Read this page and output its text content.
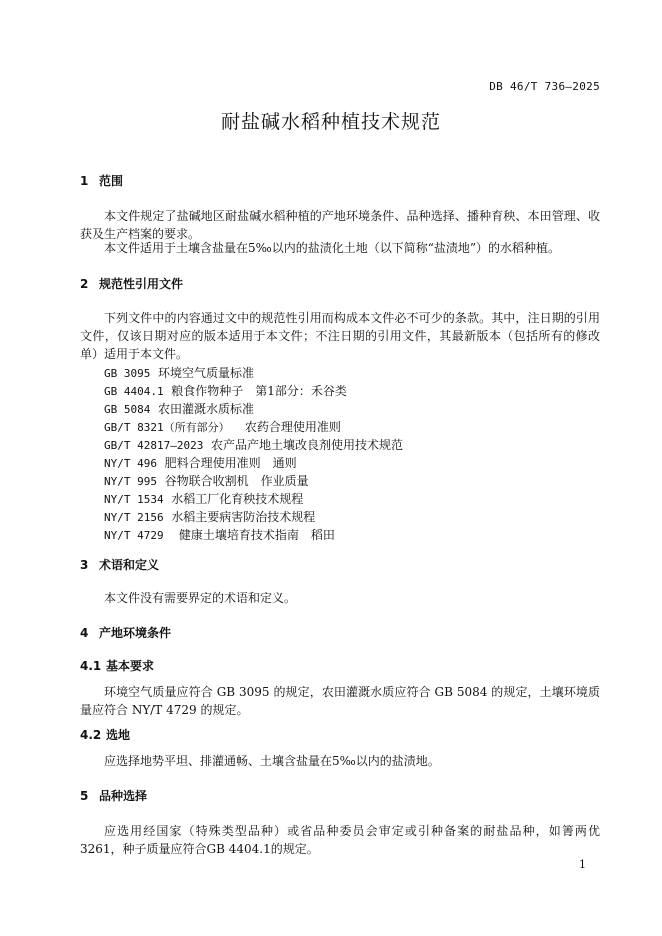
DB 46/T 736—2025
耐盐碱水稻种植技术规范
1 范围
本文件规定了盐碱地区耐盐碱水稻种植的产地环境条件、品种选择、播种育秧、本田管理、收获及生产档案的要求。
本文件适用于土壤含盐量在5‰以内的盐渍化土地（以下简称“盐渍地”）的水稻种植。
2 规范性引用文件
下列文件中的内容通过文中的规范性引用而构成本文件必不可少的条款。其中，注日期的引用文件，仅该日期对应的版本适用于本文件；不注日期的引用文件，其最新版本（包括所有的修改单）适用于本文件。
GB 3095 环境空气质量标准
GB 4404.1 粮食作物种子　第1部分：禾谷类
GB 5084 农田灌溉水质标准
GB/T 8321（所有部分） 农药合理使用准则
GB/T 42817—2023 农产品产地土壤改良剂使用技术规范
NY/T 496 肥料合理使用准则　通则
NY/T 995 谷物联合收割机　作业质量
NY/T 1534 水稻工厂化育秧技术规程
NY/T 2156 水稻主要病害防治技术规程
NY/T 4729 健康土壤培育技术指南　稻田
3 术语和定义
本文件没有需要界定的术语和定义。
4 产地环境条件
4.1 基本要求
环境空气质量应符合 GB 3095 的规定，农田灌溉水质应符合 GB 5084 的规定，土壤环境质量应符合 NY/T 4729 的规定。
4.2 选地
应选择地势平坦、排灌通畅、土壤含盐量在5‰以内的盐渍地。
5 品种选择
应选用经国家（特殊类型品种）或省品种委员会审定或引种备案的耐盐品种，如箐两优3261，种子质量应符合GB 4404.1的规定。
1
